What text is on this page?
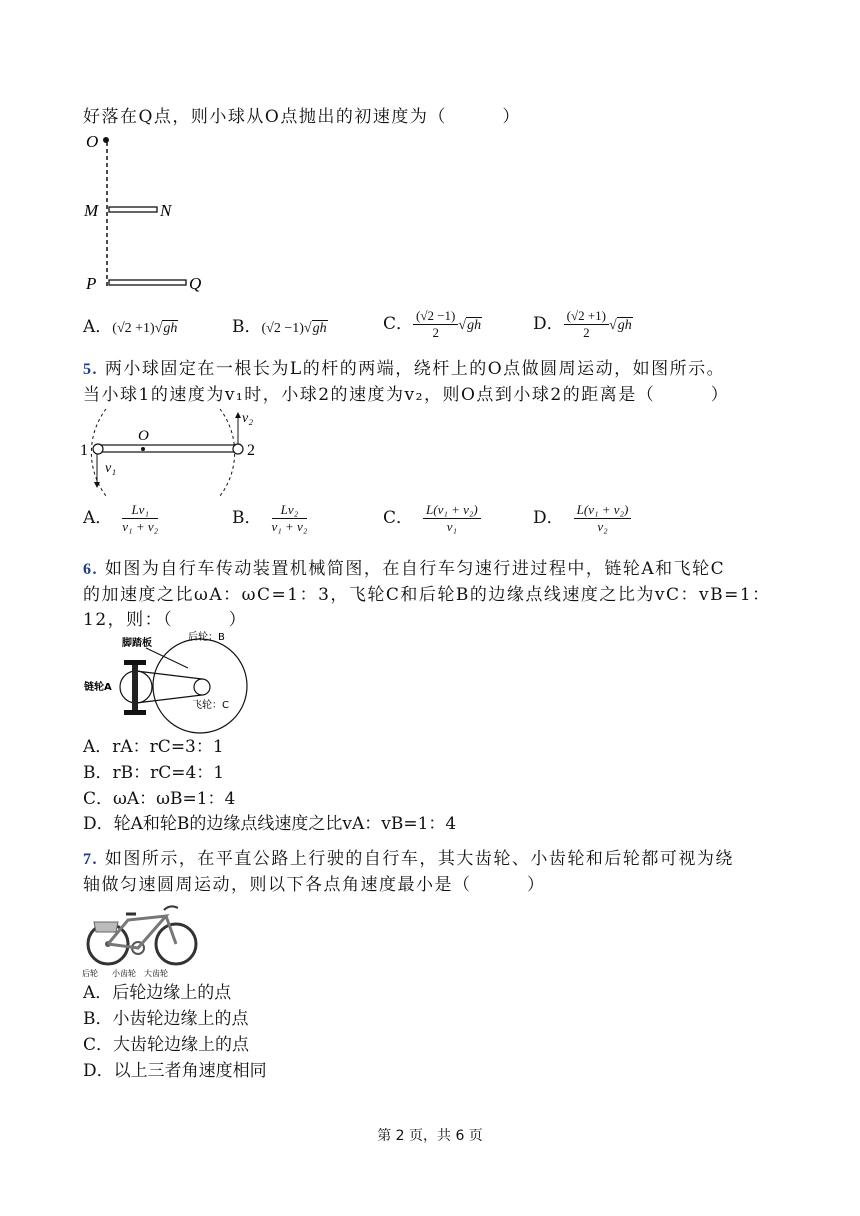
好落在Q点，则小球从O点抛出的初速度为（　　　）
O
M	N
P	Q
A．(√2 +1)√gh	B．(√2 −1)√gh	C． $\frac{(√2 -1)}{2} √gh$	D． $\frac{(√2 +1)}{2} √gh$
5. 两小球固定在一根长为L的杆的两端，绕杆上的O点做圆周运动，如图所示。
当小球1的速度为v₁时，小球2的速度为v₂，则O点到小球2的距离是（　　　）
1	2
O
v₁
v₂
A． $\frac{\text{Lv₁}}{\text{v₁ + v₂}}$	B． $\frac{\text{Lv₂}}{\text{v₁ + v₂}}$	C． $\frac{\text{L(v₁ + v₂)}}{\text{v₁}}$	D． $\frac{\text{L(v₁ + v₂)}}{\text{v₂}}$
6. 如图为自行车传动装置机械简图，在自行车匀速行进过程中，链轮A和飞轮C
的加速度之比ωA：ωC=1：3，飞轮C和后轮B的边缘点线速度之比为vC：vB=1：
12，则：（　　　）
脚踏板
后轮：B
链轮A
飞轮：C
A．rA：rC=3：1
B．rB：rC=4：1
C．ωA：ωB=1：4
D．轮A和轮B的边缘点线速度之比vA：vB=1：4
7. 如图所示，在平直公路上行驶的自行车，其大齿轮、小齿轮和后轮都可视为绕
轴做匀速圆周运动，则以下各点角速度最小是（　　　）
后轮 小齿轮 大齿轮
A．后轮边缘上的点
B．小齿轮边缘上的点
C．大齿轮边缘上的点
D．以上三者角速度相同
第 2 页，共 6 页
